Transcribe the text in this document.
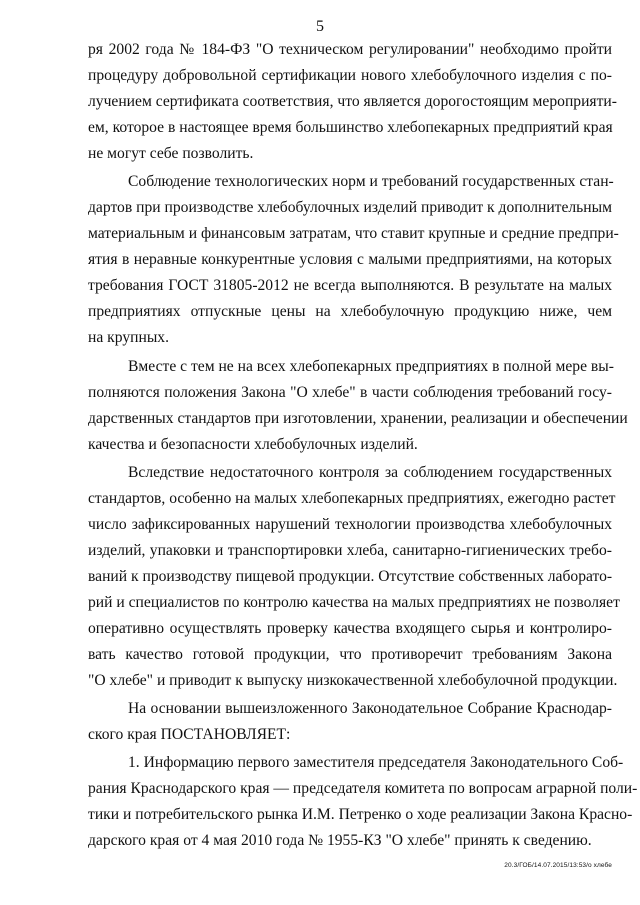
5
ря 2002 года № 184-ФЗ "О техническом регулировании" необходимо пройти
процедуру добровольной сертификации нового хлебобулочного изделия с по-
лучением сертификата соответствия, что является дорогостоящим мероприяти-
ем, которое в настоящее время большинство хлебопекарных предприятий края
не могут себе позволить.
Соблюдение технологических норм и требований государственных стан-
дартов при производстве хлебобулочных изделий приводит к дополнительным
материальным и финансовым затратам, что ставит крупные и средние предпри-
ятия в неравные конкурентные условия с малыми предприятиями, на которых
требования ГОСТ 31805-2012 не всегда выполняются. В результате на малых
предприятиях отпускные цены на хлебобулочную продукцию ниже, чем
на крупных.
Вместе с тем не на всех хлебопекарных предприятиях в полной мере вы-
полняются положения Закона "О хлебе" в части соблюдения требований госу-
дарственных стандартов при изготовлении, хранении, реализации и обеспечении
качества и безопасности хлебобулочных изделий.
Вследствие недостаточного контроля за соблюдением государственных
стандартов, особенно на малых хлебопекарных предприятиях, ежегодно растет
число зафиксированных нарушений технологии производства хлебобулочных
изделий, упаковки и транспортировки хлеба, санитарно-гигиенических требо-
ваний к производству пищевой продукции. Отсутствие собственных лаборато-
рий и специалистов по контролю качества на малых предприятиях не позволяет
оперативно осуществлять проверку качества входящего сырья и контролиро-
вать качество готовой продукции, что противоречит требованиям Закона
"О хлебе" и приводит к выпуску низкокачественной хлебобулочной продукции.
На основании вышеизложенного Законодательное Собрание Краснодар-
ского края ПОСТАНОВЛЯЕТ:
1. Информацию первого заместителя председателя Законодательного Соб-
рания Краснодарского края — председателя комитета по вопросам аграрной поли-
тики и потребительского рынка И.М. Петренко о ходе реализации Закона Красно-
дарского края от 4 мая 2010 года № 1955-КЗ "О хлебе" принять к сведению.
20.3/ГОБ/14.07.2015/13:53/о хлебе
